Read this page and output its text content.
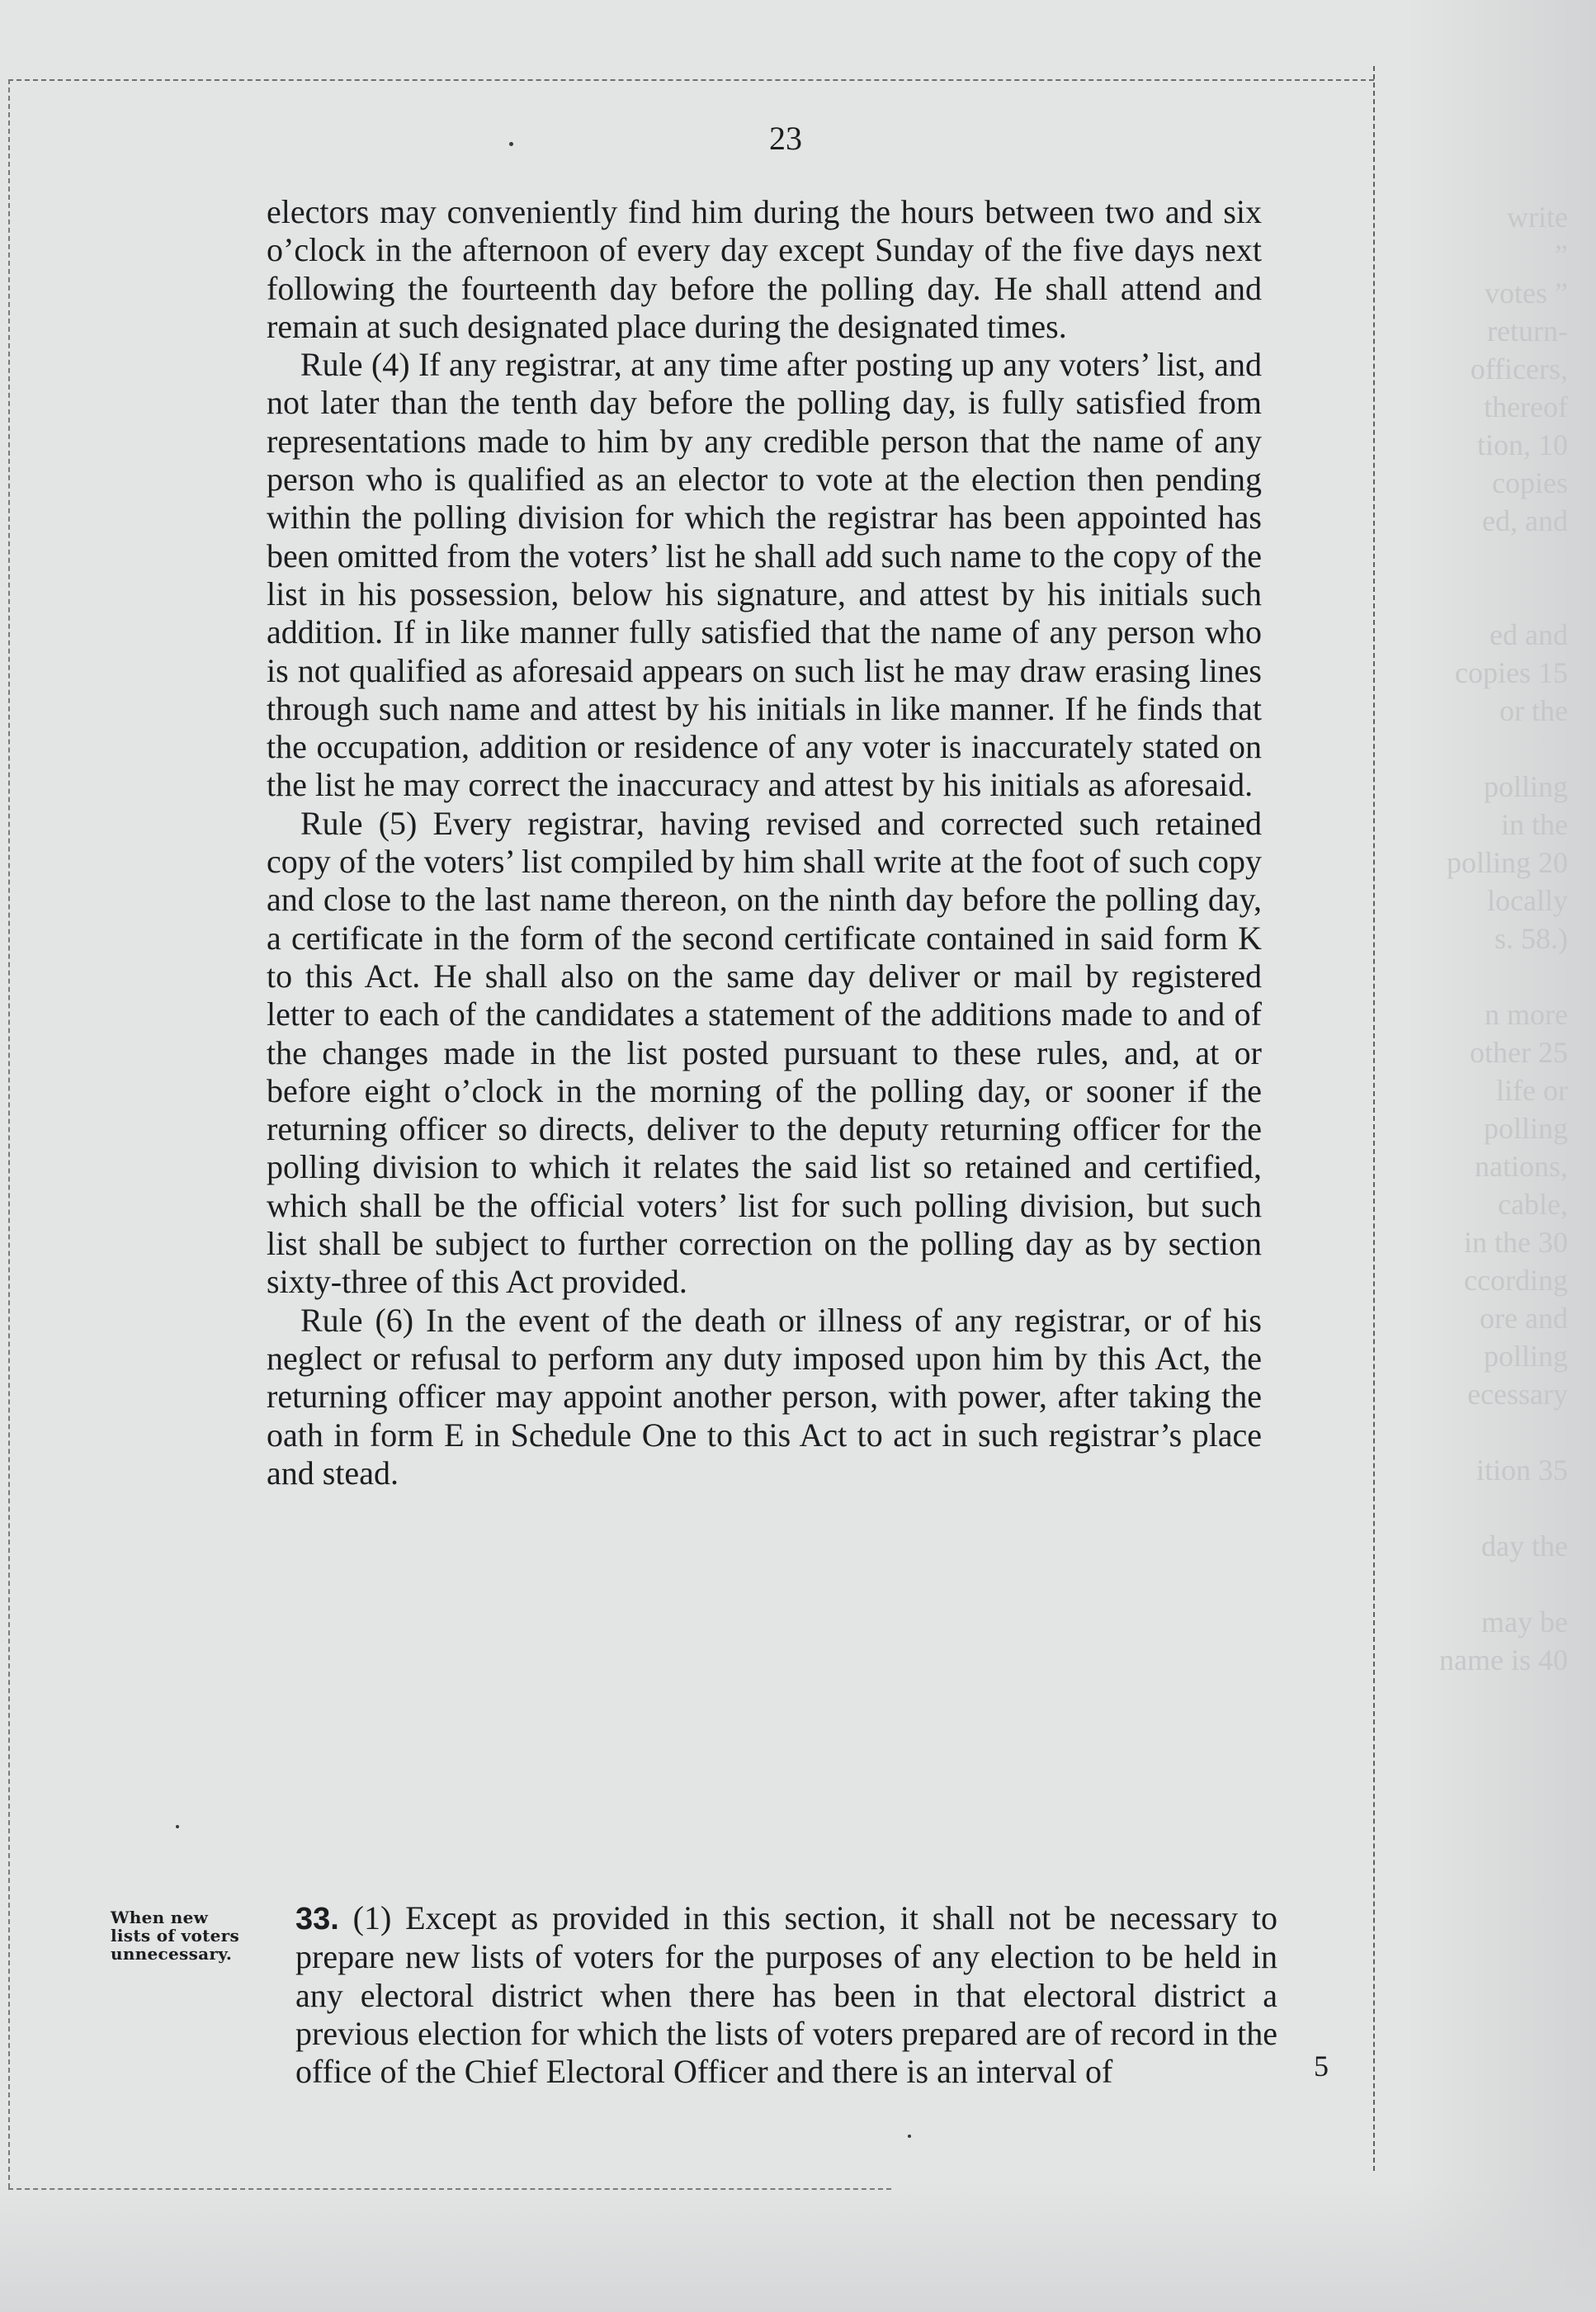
write
”
votes ”
return-
officers,
thereof
tion, 10
copies
ed, and

ed and
copies 15
or the

polling
in the
polling 20
locally
s. 58.)

n more
other 25
life or
polling
nations,
cable,
in the 30
ccording
ore and
polling
ecessary

ition 35

day the

may be
name is 40
23

electors may conveniently find him during the hours between two and six o’clock in the afternoon of every day except Sunday of the five days next following the fourteenth day before the polling day. He shall attend and remain at such designated place during the designated times.

Rule (4) If any registrar, at any time after posting up any voters’ list, and not later than the tenth day before the polling day, is fully satisfied from representations made to him by any credible person that the name of any person who is qualified as an elector to vote at the election then pending within the polling division for which the registrar has been appointed has been omitted from the voters’ list he shall add such name to the copy of the list in his possession, below his signature, and attest by his initials such addition. If in like manner fully satisfied that the name of any person who is not qualified as aforesaid appears on such list he may draw erasing lines through such name and attest by his initials in like manner. If he finds that the occupation, addition or residence of any voter is inaccurately stated on the list he may correct the inaccuracy and attest by his initials as aforesaid.

Rule (5) Every registrar, having revised and corrected such retained copy of the voters’ list compiled by him shall write at the foot of such copy and close to the last name thereon, on the ninth day before the polling day, a certificate in the form of the second certificate contained in said form K to this Act. He shall also on the same day deliver or mail by registered letter to each of the candidates a statement of the additions made to and of the changes made in the list posted pursuant to these rules, and, at or before eight o’clock in the morning of the polling day, or sooner if the returning officer so directs, deliver to the deputy returning officer for the polling division to which it relates the said list so retained and certified, which shall be the official voters’ list for such polling division, but such list shall be subject to further correction on the polling day as by section sixty-three of this Act provided.

Rule (6) In the event of the death or illness of any registrar, or of his neglect or refusal to perform any duty imposed upon him by this Act, the returning officer may appoint another person, with power, after taking the oath in form E in Schedule One to this Act to act in such registrar’s place and stead.

When new
lists of voters
unnecessary.
33. (1) Except as provided in this section, it shall not be necessary to prepare new lists of voters for the purposes of any election to be held in any electoral district when there has been in that electoral district a previous election for which the lists of voters prepared are of record in the office of the Chief Electoral Officer and there is an interval of	5
